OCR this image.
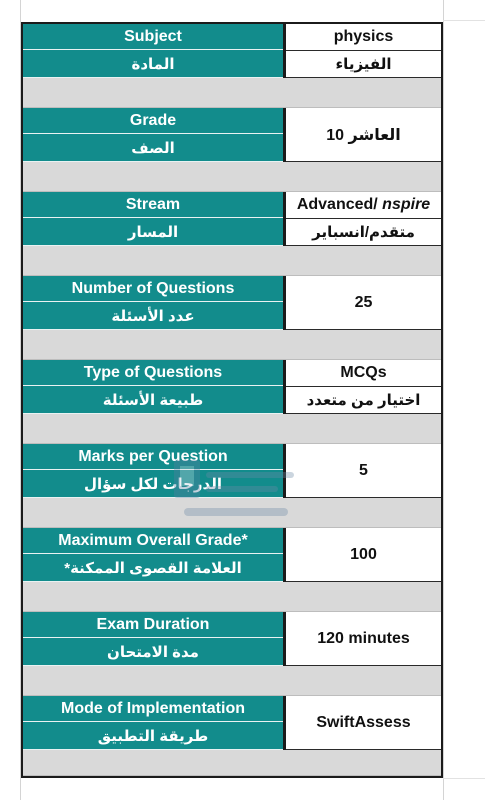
Subject
المادة
physics
الفيزياء
Grade
الصف
العاشر 10
Stream
المسار
Advanced/ nspire
متقدم/انسباير
Number of Questions
عدد الأسئلة
25
Type of Questions
طبيعة الأسئلة
MCQs
اختيار من متعدد
Marks per Question
الدرجات لكل سؤال
5
Maximum Overall Grade*
العلامة القصوى الممكنة*
100
Exam Duration
مدة الامتحان
120 minutes
Mode of Implementation
طريقة التطبيق
SwiftAssess
